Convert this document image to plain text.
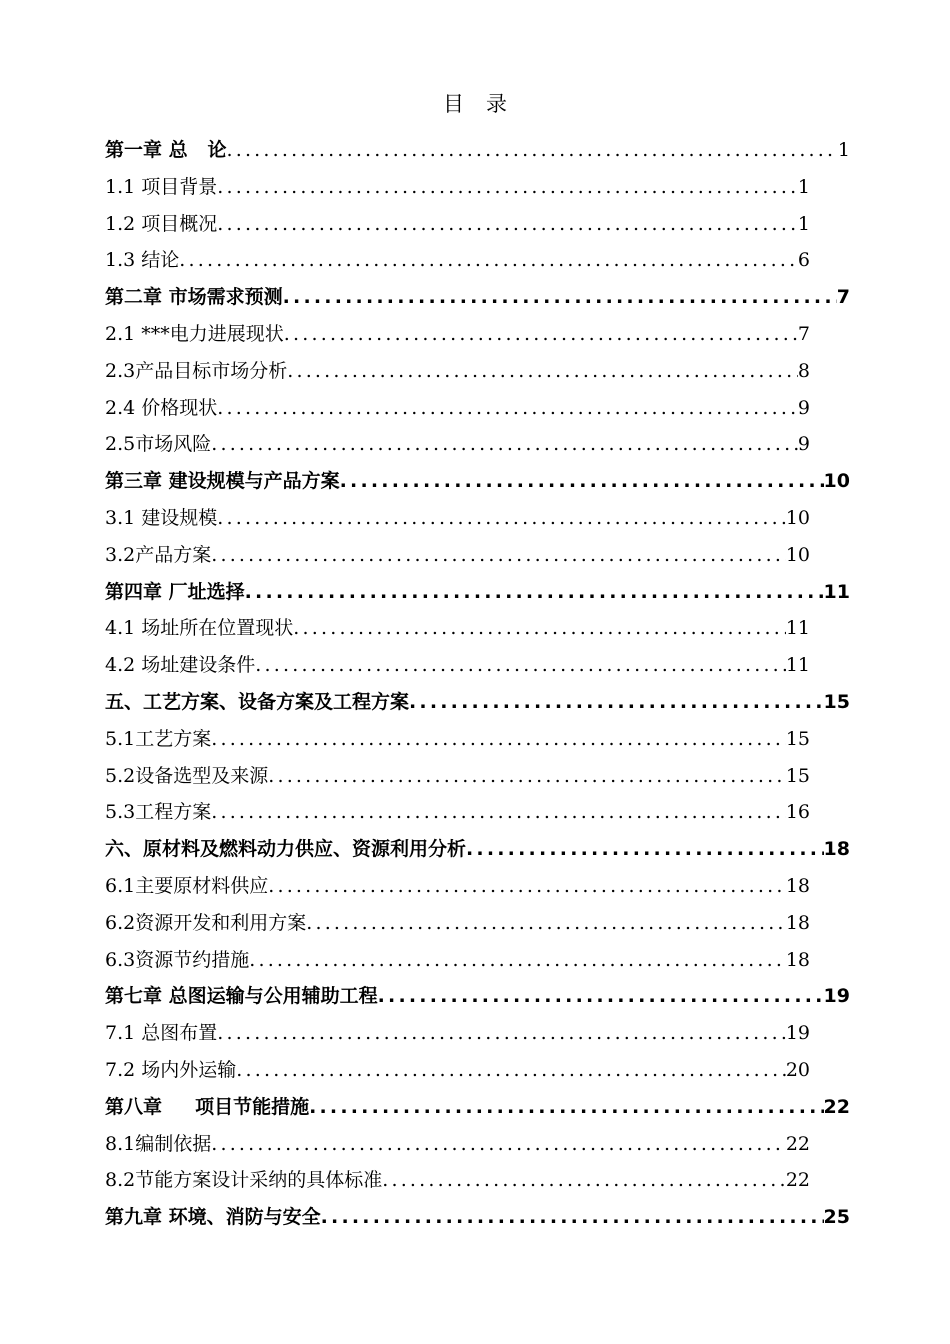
目 录
第一章 总   论 .....	1
1.1 项目背景 .....	1
1.2 项目概况 .....	1
1.3 结论 .....	6
第二章 市场需求预测 .....	7
2.1 ***电力进展现状 .....	7
2.3产品目标市场分析 .....	8
2.4 价格现状 .....	9
2.5市场风险 .....	9
第三章 建设规模与产品方案 .....	10
3.1 建设规模 .....	10
3.2产品方案 .....	10
第四章 厂址选择 .....	11
4.1 场址所在位置现状 .....	11
4.2 场址建设条件 .....	11
五、工艺方案、设备方案及工程方案 .....	15
5.1工艺方案 .....	15
5.2设备选型及来源 .....	15
5.3工程方案 .....	16
六、原材料及燃料动力供应、资源利用分析 .....	18
6.1主要原材料供应 .....	18
6.2资源开发和利用方案 .....	18
6.3资源节约措施 .....	18
第七章 总图运输与公用辅助工程 .....	19
7.1 总图布置 .....	19
7.2 场内外运输 .....	20
第八章     项目节能措施 .....	22
8.1编制依据 .....	22
8.2节能方案设计采纳的具体标准 .....	22
第九章 环境、消防与安全 .....	25
